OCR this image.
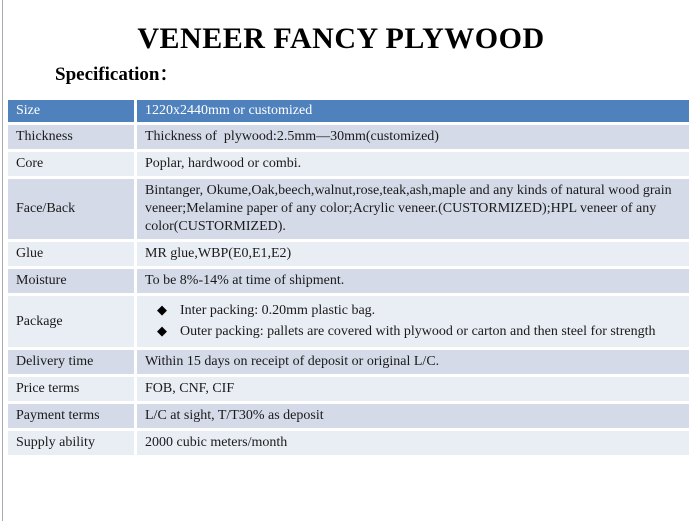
VENEER FANCY PLYWOOD
Specification：
Size	1220x2440mm or customized
Thickness	Thickness of  plywood:2.5mm—30mm(customized)
Core	Poplar, hardwood or combi.
Face/Back	Bintanger, Okume,Oak,beech,walnut,rose,teak,ash,maple and any kinds of natural wood grain veneer;Melamine paper of any color;Acrylic veneer.(CUSTORMIZED);HPL veneer of any color(CUSTORMIZED).
Glue	MR glue,WBP(E0,E1,E2)
Moisture	To be 8%-14% at time of shipment.
Package	◆ Inter packing: 0.20mm plastic bag.
◆ Outer packing: pallets are covered with plywood or carton and then steel for strength

Delivery time	Within 15 days on receipt of deposit or original L/C.
Price terms	FOB, CNF, CIF
Payment terms	L/C at sight, T/T30% as deposit
Supply ability	2000 cubic meters/month
